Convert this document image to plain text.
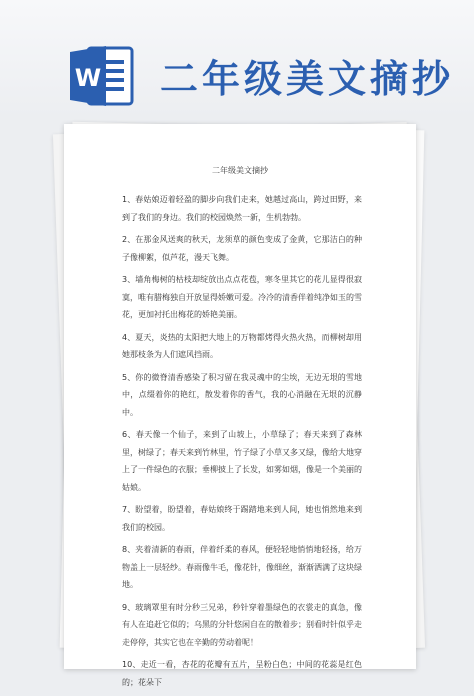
W 二年级美文摘抄
二年级美文摘抄

1、春姑娘迈着轻盈的脚步向我们走来，她越过高山，跨过田野，来到了我们的身边。我们的校园焕然一新，生机勃勃。

2、在那金风送爽的秋天，龙须草的颜色变成了金黄，它那洁白的种子像柳絮，似芦花，漫天飞舞。

3、墙角梅树的枯枝却绽放出点点花苞，寒冬里其它的花儿显得很寂寞，唯有腊梅独自开放显得娇嫩可爱。冷冷的清香伴着纯净如玉的雪花，更加衬托出梅花的娇艳美丽。

4、夏天，炎热的太阳把大地上的万物都烤得火热火热，而柳树却用她那枝条为人们遮风挡雨。

5、你的微脊清香感染了积习留在我灵魂中的尘埃，无边无垠的雪地中，点缀着你的艳红，散发着你的香气，我的心消融在无垠的沉静中。

6、春天像一个仙子，来到了山坡上，小草绿了；春天来到了森林里，树绿了；春天来到竹林里，竹子绿了小草又多又绿，像给大地穿上了一件绿色的衣服；垂柳披上了长发，如雾如烟，像是一个美丽的姑娘。

7、盼望着，盼望着，春姑娘终于踢踏地来到人间，她也悄然地来到我们的校园。

8、夹着清新的春雨，伴着纤柔的春风，便轻轻地悄悄地轻扬，给万物盖上一层轻纱。春雨像牛毛，像花针，像细丝，渐渐洒满了这块绿地。

9、玻璃罩里有时分秒三兄弟，秒针穿着墨绿色的衣裳走的真急，像有人在追赶它似的；乌黑的分针悠闲自在的散着步；别看时针似乎走走停停，其实它也在辛勤的劳动着呢！

10、走近一看，杏花的花瓣有五片，呈粉白色；中间的花蕊是红色的；花朵下
